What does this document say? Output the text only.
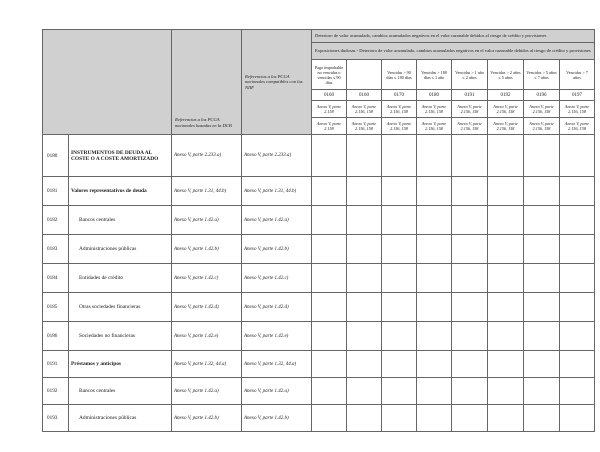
		Referencias a los PCGA nacionales basadas en la DCB	Referencias a los PCGA nacionales compatibles con las NIIF	Deterioro de valor acumulado, cambios acumulados negativos en el valor razonable debidos al riesgo de crédito y provisiones							
				Exposiciones dudosas - Deterioro de valor acumulado, cambios acumulados negativos en el valor razonable debidos al riesgo de crédito y provisiones							
				Pago improbable no vencidas o vencidas ≤ 90 días		Vencidas > 90 días ≤ 180 días	Vencidas > 180 días ≤ 1 año	Vencidas > 1 año ≤ 2 años	Vencidas > 2 años ≤ 5 años	Vencidas > 5 años ≤ 7 años	Vencidas > 7 años
				0160	0160	0170	0180	0191	0192	0196	0197
				Anexo V, parte 2.158	Anexo V, parte 2.156, 158	Anexo V, parte 2.156, 158	Anexo V, parte 2.156, 158	Anexo V, parte 2.156, 158	Anexo V, parte 2.156, 158	Anexo V, parte 2.156, 158	Anexo V, parte 2.156, 158
				Anexo V, parte 2.158	Anexo V, parte 2.156, 158	Anexo V, parte 2.156, 158	Anexo V, parte 2.156, 158	Anexo V, parte 2.156, 158	Anexo V, parte 2.156, 158	Anexo V, parte 2.156, 158	Anexo V, parte 2.156, 158
0180	INSTRUMENTOS DE DEUDA AL COSTE O A COSTE AMORTIZADO	Anexo V, parte 2.233.a)	Anexo V, parte 2.233.a)								
0181	Valores representativos de deuda	Anexo V, parte 1.31, 44.b)	Anexo V, parte 1.31, 44.b)								
0182	Bancos centrales	Anexo V, parte 1.42.a)	Anexo V, parte 1.42.a)								
0183	Administraciones públicas	Anexo V, parte 1.42.b)	Anexo V, parte 1.42.b)								
0184	Entidades de crédito	Anexo V, parte 1.42.c)	Anexo V, parte 1.42.c)								
0185	Otras sociedades financieras	Anexo V, parte 1.42.d)	Anexo V, parte 1.42.d)								
0186	Sociedades no financieras	Anexo V, parte 1.42.e)	Anexo V, parte 1.42.e)								
0191	Préstamos y anticipos	Anexo V, parte 1.32, 44.a)	Anexo V, parte 1.32, 44.a)								
0192	Bancos centrales	Anexo V, parte 1.42.a)	Anexo V, parte 1.42.a)								
0193	Administraciones públicas	Anexo V, parte 1.42.b)	Anexo V, parte 1.42.b)								
